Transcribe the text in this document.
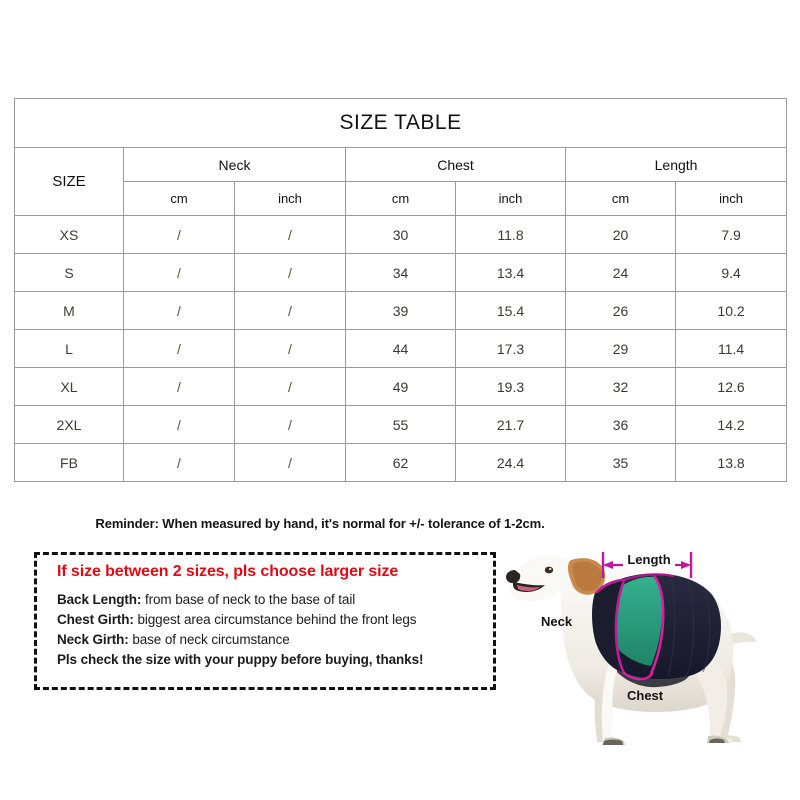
SIZE TABLE						
SIZE	Neck		Chest		Length	
	cm	inch	cm	inch	cm	inch
XS	/	/	30	11.8	20	7.9
S	/	/	34	13.4	24	9.4
M	/	/	39	15.4	26	10.2
L	/	/	44	17.3	29	11.4
XL	/	/	49	19.3	32	12.6
2XL	/	/	55	21.7	36	14.2
FB	/	/	62	24.4	35	13.8
Reminder: When measured by hand, it's normal for +/- tolerance of 1-2cm.
If size between 2 sizes, pls choose larger size
Back Length: from base of neck to the base of tail
Chest Girth: biggest area circumstance behind the front legs
Neck Girth: base of neck circumstance
Pls check the size with your puppy before buying, thanks!
Length
Neck
Chest
